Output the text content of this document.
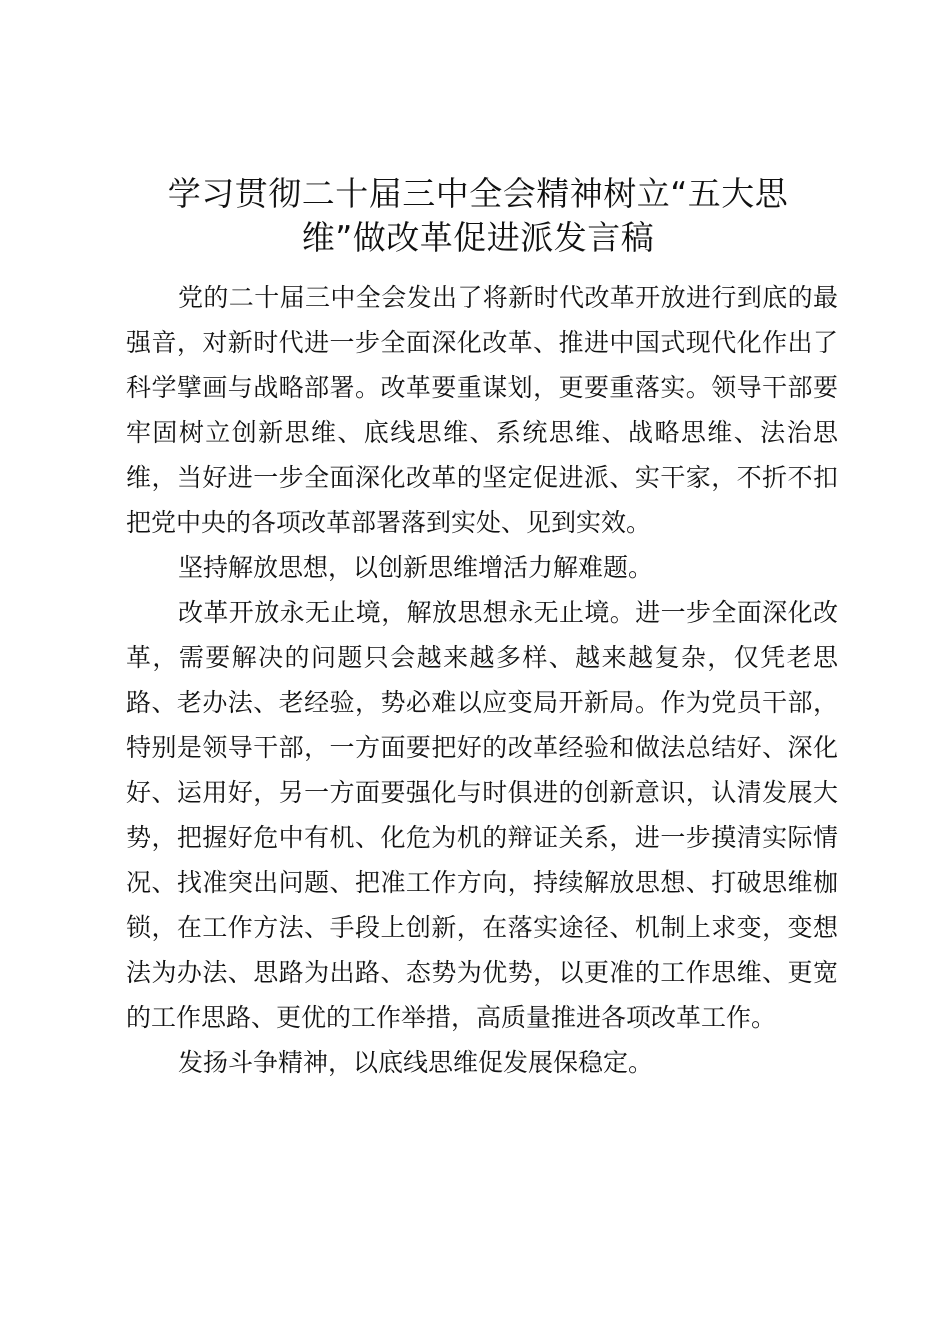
学习贯彻二十届三中全会精神树立“五大思
维”做改革促进派发言稿

党的二十届三中全会发出了将新时代改革开放进行到底的最强音，对新时代进一步全面深化改革、推进中国式现代化作出了科学擘画与战略部署。改革要重谋划，更要重落实。领导干部要牢固树立创新思维、底线思维、系统思维、战略思维、法治思维，当好进一步全面深化改革的坚定促进派、实干家，不折不扣把党中央的各项改革部署落到实处、见到实效。

坚持解放思想，以创新思维增活力解难题。

改革开放永无止境，解放思想永无止境。进一步全面深化改革，需要解决的问题只会越来越多样、越来越复杂，仅凭老思路、老办法、老经验，势必难以应变局开新局。作为党员干部，特别是领导干部，一方面要把好的改革经验和做法总结好、深化好、运用好，另一方面要强化与时俱进的创新意识，认清发展大势，把握好危中有机、化危为机的辩证关系，进一步摸清实际情况、找准突出问题、把准工作方向，持续解放思想、打破思维枷锁，在工作方法、手段上创新，在落实途径、机制上求变，变想法为办法、思路为出路、态势为优势，以更准的工作思维、更宽的工作思路、更优的工作举措，高质量推进各项改革工作。

发扬斗争精神，以底线思维促发展保稳定。
